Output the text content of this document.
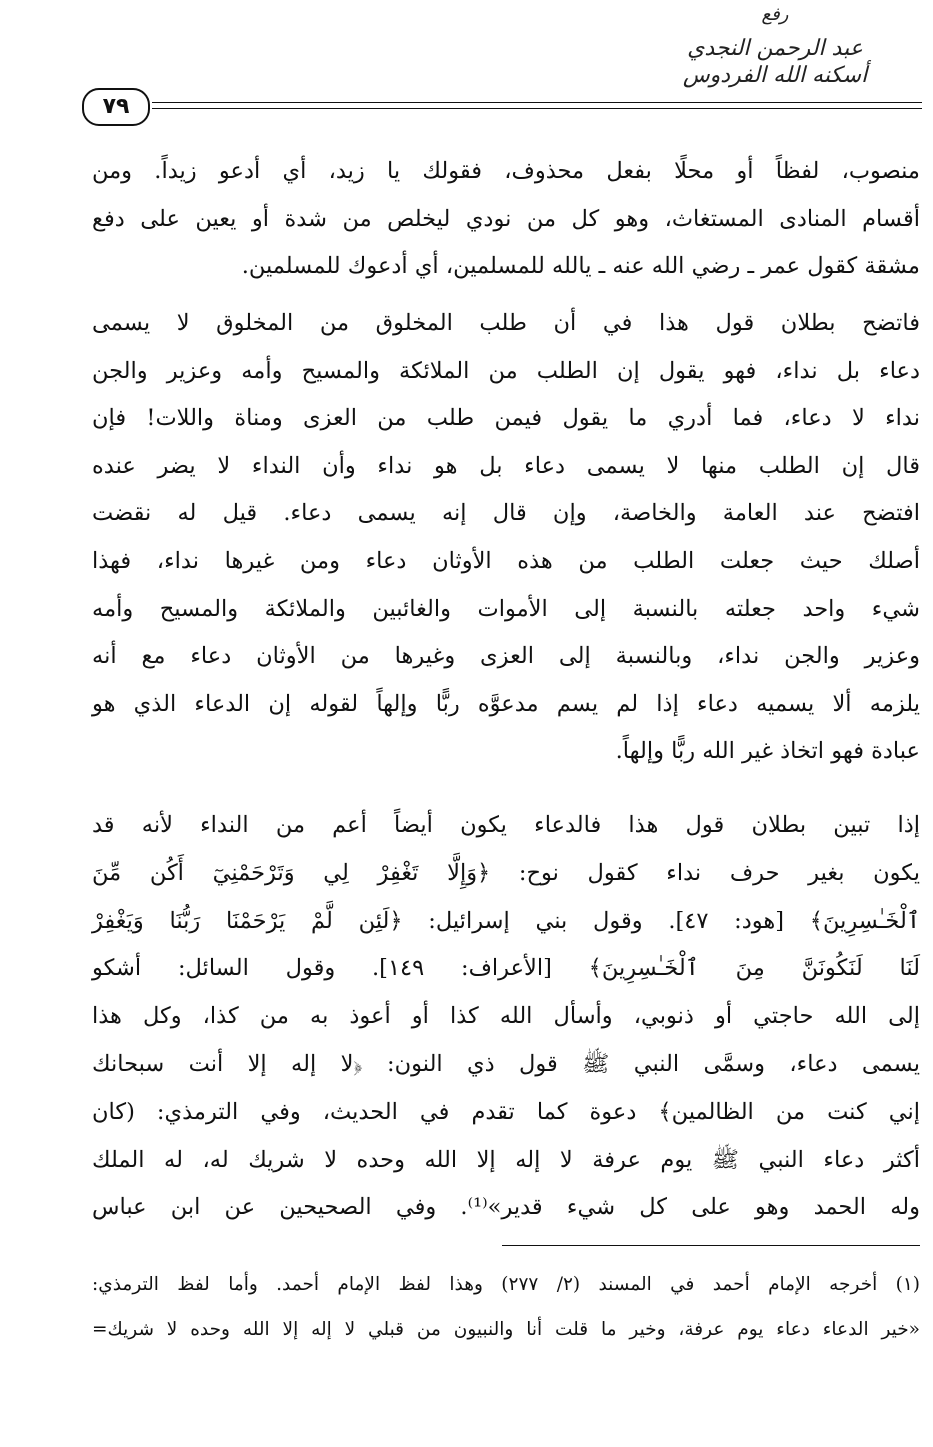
رفع
عبد الرحمن النجدي
أسكنه الله الفردوس
٧٩
منصوب، لفظاً أو محلًا بفعل محذوف، فقولك يا زيد، أي أدعو زيداً. ومن
أقسام المنادى المستغاث، وهو كل من نودي ليخلص من شدة أو يعين على دفع
مشقة كقول عمر ـ رضي الله عنه ـ يالله للمسلمين، أي أدعوك للمسلمين.
فاتضح بطلان قول هذا في أن طلب المخلوق من المخلوق لا يسمى
دعاء بل نداء، فهو يقول إن الطلب من الملائكة والمسيح وأمه وعزير والجن
نداء لا دعاء، فما أدري ما يقول فيمن طلب من العزى ومناة واللات! فإن
قال إن الطلب منها لا يسمى دعاء بل هو نداء وأن النداء لا يضر عنده
افتضح عند العامة والخاصة، وإن قال إنه يسمى دعاء. قيل له نقضت
أصلك حيث جعلت الطلب من هذه الأوثان دعاء ومن غيرها نداء، فهذا
شيء واحد جعلته بالنسبة إلى الأموات والغائبين والملائكة والمسيح وأمه
وعزير والجن نداء، وبالنسبة إلى العزى وغيرها من الأوثان دعاء مع أنه
يلزمه ألا يسميه دعاء إذا لم يسم مدعوَّه ربًّا وإلهاً لقوله إن الدعاء الذي هو
عبادة فهو اتخاذ غير الله ربًّا وإلهاً.
إذا تبين بطلان قول هذا فالدعاء يكون أيضاً أعم من النداء لأنه قد
يكون بغير حرف نداء كقول نوح: ﴿وَإِلَّا تَغْفِرْ لِي وَتَرْحَمْنِيٓ أَكُن مِّنَ
ٱلْخَـٰسِرِينَ﴾ [هود: ٤٧]. وقول بني إسرائيل: ﴿لَئِن لَّمْ يَرْحَمْنَا رَبُّنَا وَيَغْفِرْ
لَنَا لَنَكُونَنَّ مِنَ ٱلْخَـٰسِرِينَ﴾ [الأعراف: ١٤٩]. وقول السائل: أشكو
إلى الله حاجتي أو ذنوبي، وأسأل الله كذا أو أعوذ به من كذا، وكل هذا
يسمى دعاء، وسمَّى النبي ﷺ قول ذي النون: ﴿لا إله إلا أنت سبحانك
إني كنت من الظالمين﴾ دعوة كما تقدم في الحديث، وفي الترمذي: (كان
أكثر دعاء النبي ﷺ يوم عرفة لا إله إلا الله وحده لا شريك له، له الملك
وله الحمد وهو على كل شيء قدير»⁽¹⁾. وفي الصحيحين عن ابن عباس
(١) أخرجه الإمام أحمد في المسند (٢/ ٢٧٧) وهذا لفظ الإمام أحمد. وأما لفظ الترمذي:
«خير الدعاء دعاء يوم عرفة، وخير ما قلت أنا والنبيون من قبلي لا إله إلا الله وحده لا شريك=
